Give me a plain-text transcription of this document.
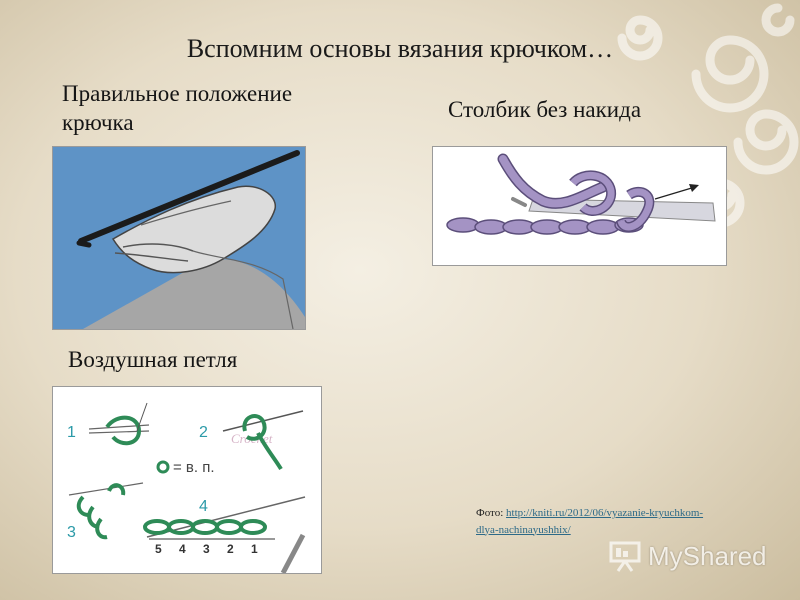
Вспомним основы вязания крючком…
Правильное положение крючка
Столбик без накида
Воздушная петля
1	2
3
4
Crochet
= в. п.
5 4 3 2 1
Фото: http://kniti.ru/2012/06/vyazanie-kryuchkom-dlya-nachinayushhix/
MyShared
